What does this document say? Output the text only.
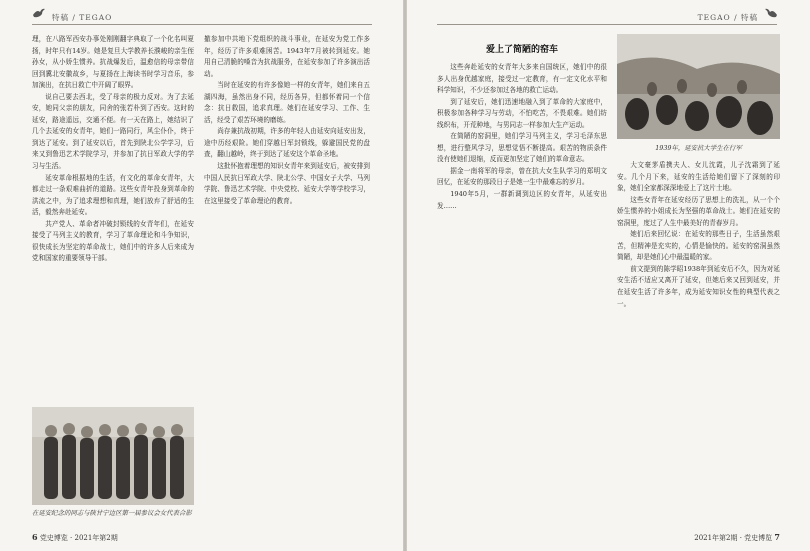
特稿 / TEGAO

理，在八路军西安办事处刚刚翻字典取了一个化名叫夏扬，时年只有14岁。她是复旦大学教养长濮峻的亲生侄孙女，从小娇生惯养。抗战爆发后，温愈信的母亲带信回到冀北安徽故乡，与夏扬在上海读书时学习音乐，参加演出，在抗日救亡中开阔了眼界。

说自己要去西北，受了母亲的极力反对。为了去延安，她同父亲的朋友，同舍的张若朴到了西安。这时的延安，路途遥远，交通不便。有一天在路上，她结识了几个去延安的女青年，她们一路同行，风尘仆仆，终于到达了延安。到了延安以后，首先到陕北公学学习，后来又到鲁迅艺术学院学习，并参加了抗日军政大学的学习与生活。

延安革命根据地的生活，有文化的革命女青年，大都走过一条艰难曲折的道路。这些女青年投身到革命的洪流之中，为了追求理想和真理，她们放弃了舒适的生活，毅然奔赴延安。

共产党人、革命者冲破封锁线的女青年们，在延安接受了马列主义的教育，学习了革命理论和斗争知识，很快成长为坚定的革命战士，她们中的许多人后来成为党和国家的重要领导干部。

在延安纪念的同志与陕甘宁边区第一届参议会女代表合影

撤参加中共地下党组织的战斗事业，在延安为党工作多年，经历了许多艰难困苦。1943年7月被转到延安。她用自己清脆的嗓音为抗战服务，在延安参加了许多演出活动。

当时在延安的有许多像她一样的女青年，她们来自五湖四海，虽然出身不同，经历各异，但都怀着同一个信念：抗日救国，追求真理。她们在延安学习、工作、生活，经受了艰苦环境的磨练。

尚存兼抗战初期，许多的年轻人由延安向延安出发，途中历经艰险。她们穿越日军封锁线，躲避国民党的盘查，翻山越岭，终于到达了延安这个革命圣地。

这批怀抱着理想的知识女青年来到延安后，被安排到中国人民抗日军政大学、陕北公学、中国女子大学、马列学院、鲁迅艺术学院、中央党校、延安大学等学校学习，在这里接受了革命理论的教育。

6 党史博览 · 2021年第2期
TEGAO / 特稿
爱上了简陋的窑车

这些奔赴延安的女青年大多来自国统区，她们中的很多人出身优越家庭，接受过一定教育，有一定文化水平和科学知识，不少还参加过各地的救亡运动。

到了延安后，她们迅速地融入到了革命的大家庭中，积极参加各种学习与劳动，不怕吃苦，不畏艰难。她们纺线织布，开荒种地，与男同志一样参加大生产运动。

在简陋的窑洞里，她们学习马列主义，学习毛泽东思想，进行整风学习，思想觉悟不断提高。艰苦的物质条件没有使她们退缩，反而更加坚定了她们的革命意志。

据金一南将军的母亲，曾在抗大女生队学习的郑明文回忆，在延安的那段日子是她一生中最难忘的岁月。

1940年5月，一群新调到边区的女青年，从延安出发……

1939年，延安抗大学生在行军

大文豪茅盾携夫人、女儿沈霞，儿子沈霜到了延安。几个月下来，延安的生活给她们留下了深刻的印象，她们全家都深深地爱上了这片土地。

这些女青年在延安经历了思想上的洗礼，从一个个娇生惯养的小姐成长为坚强的革命战士。她们在延安的窑洞里，度过了人生中最美好的青春岁月。

她们后来回忆说：在延安的那些日子，生活虽然艰苦，但精神是充实的，心情是愉快的。延安的窑洞虽然简陋，却是她们心中最温暖的家。

前文提到的陈学昭1938年到延安后不久，因为对延安生活不适应又离开了延安，但她后来又回到延安，并在延安生活了许多年，成为延安知识女性的典型代表之一。

2021年第2期 · 党史博览 7
